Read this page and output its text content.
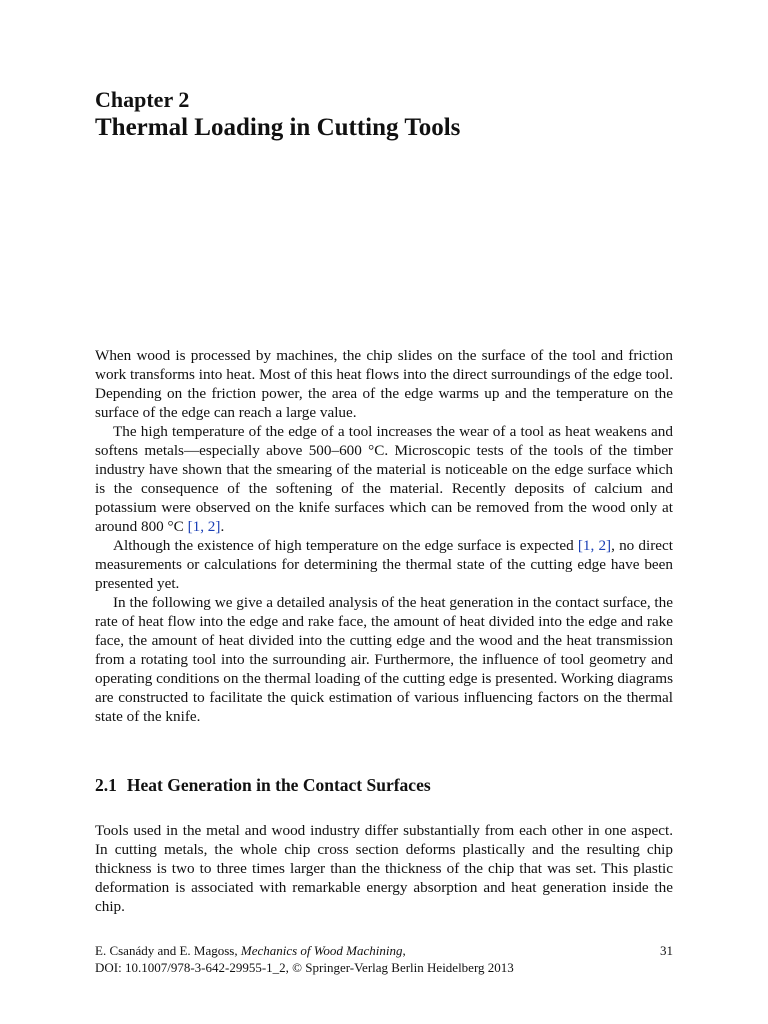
Chapter 2
Thermal Loading in Cutting Tools

When wood is processed by machines, the chip slides on the surface of the tool and friction work transforms into heat. Most of this heat flows into the direct surroundings of the edge tool. Depending on the friction power, the area of the edge warms up and the temperature on the surface of the edge can reach a large value.

The high temperature of the edge of a tool increases the wear of a tool as heat weakens and softens metals—especially above 500–600 °C. Microscopic tests of the tools of the timber industry have shown that the smearing of the material is noticeable on the edge surface which is the consequence of the softening of the material. Recently deposits of calcium and potassium were observed on the knife surfaces which can be removed from the wood only at around 800 °C [1, 2].

Although the existence of high temperature on the edge surface is expected [1, 2], no direct measurements or calculations for determining the thermal state of the cutting edge have been presented yet.

In the following we give a detailed analysis of the heat generation in the contact surface, the rate of heat flow into the edge and rake face, the amount of heat divided into the edge and rake face, the amount of heat divided into the cutting edge and the wood and the heat transmission from a rotating tool into the surrounding air. Furthermore, the influence of tool geometry and operating conditions on the thermal loading of the cutting edge is presented. Working diagrams are constructed to facilitate the quick estimation of various influencing factors on the thermal state of the knife.

2.1 Heat Generation in the Contact Surfaces

Tools used in the metal and wood industry differ substantially from each other in one aspect. In cutting metals, the whole chip cross section deforms plastically and the resulting chip thickness is two to three times larger than the thickness of the chip that was set. This plastic deformation is associated with remarkable energy absorption and heat generation inside the chip.

E. Csanády and E. Magoss, Mechanics of Wood Machining,	31
DOI: 10.1007/978-3-642-29955-1_2, © Springer-Verlag Berlin Heidelberg 2013
